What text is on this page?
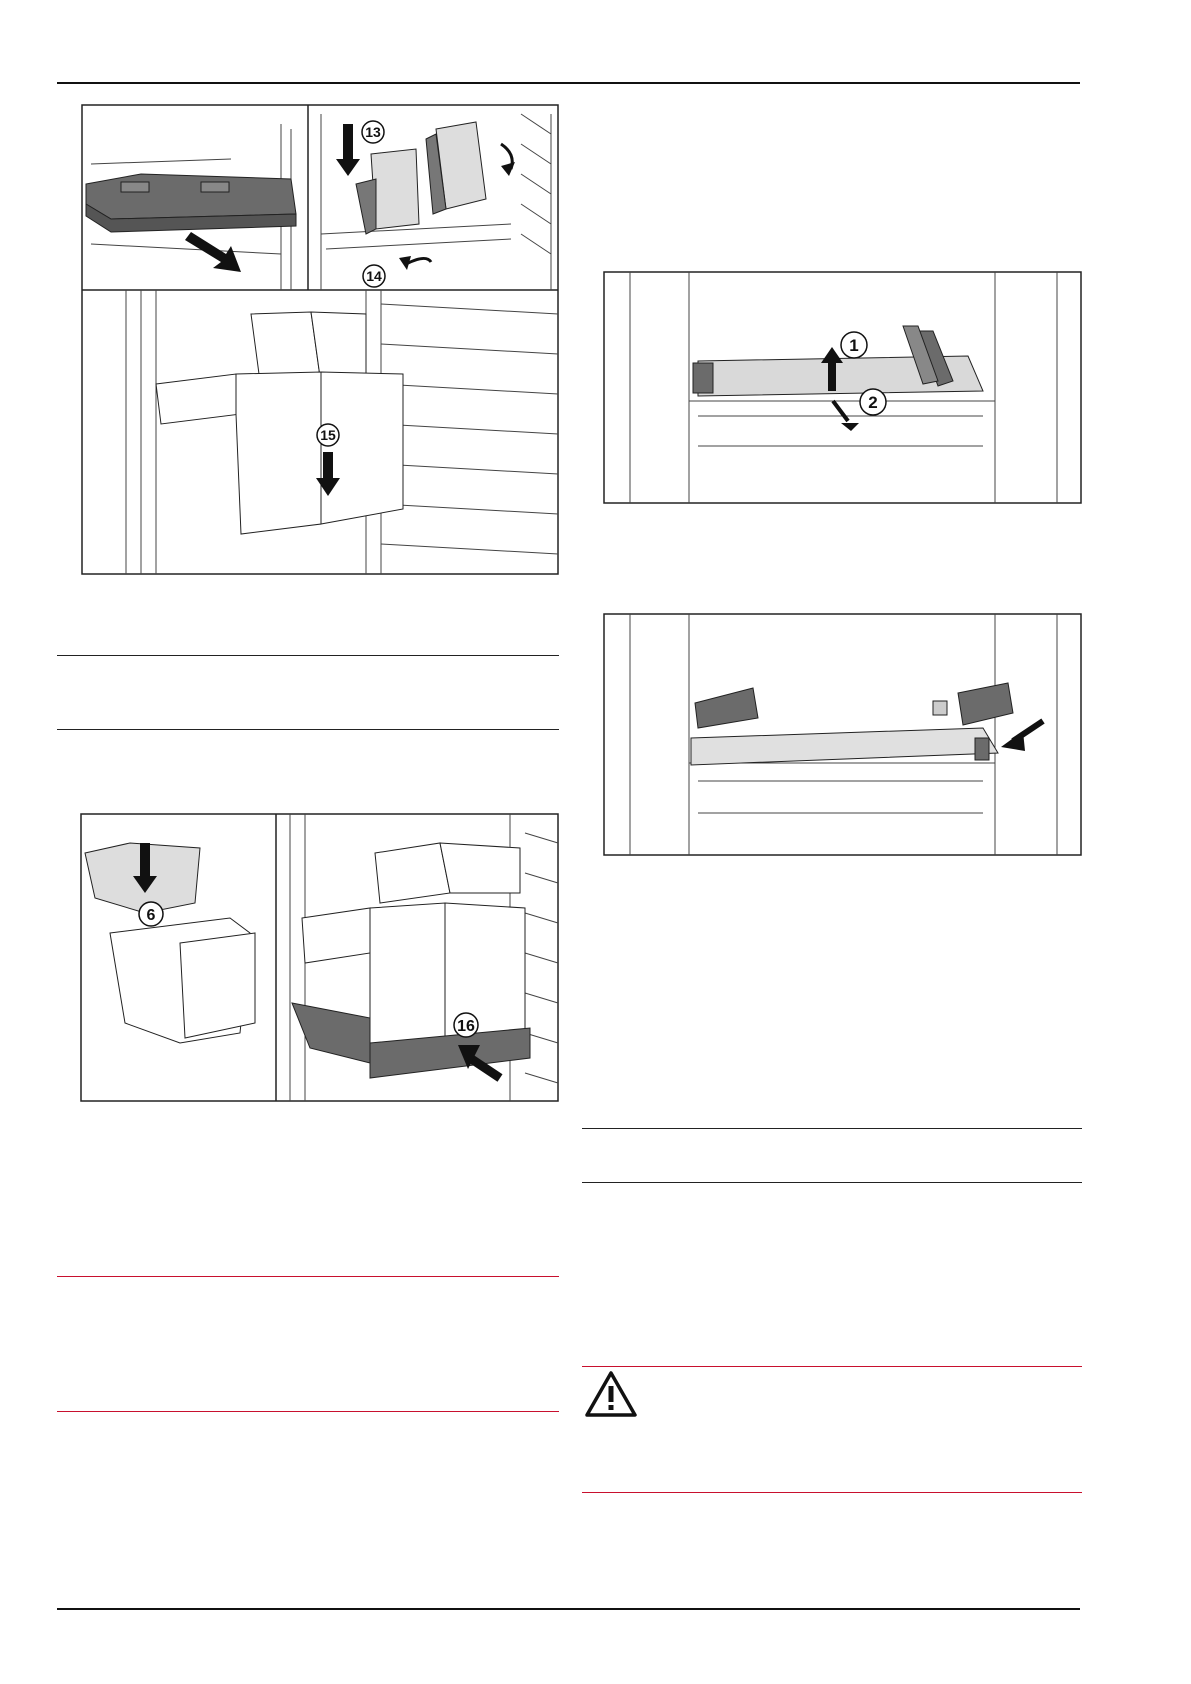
13
14
15
1
2
6
16
